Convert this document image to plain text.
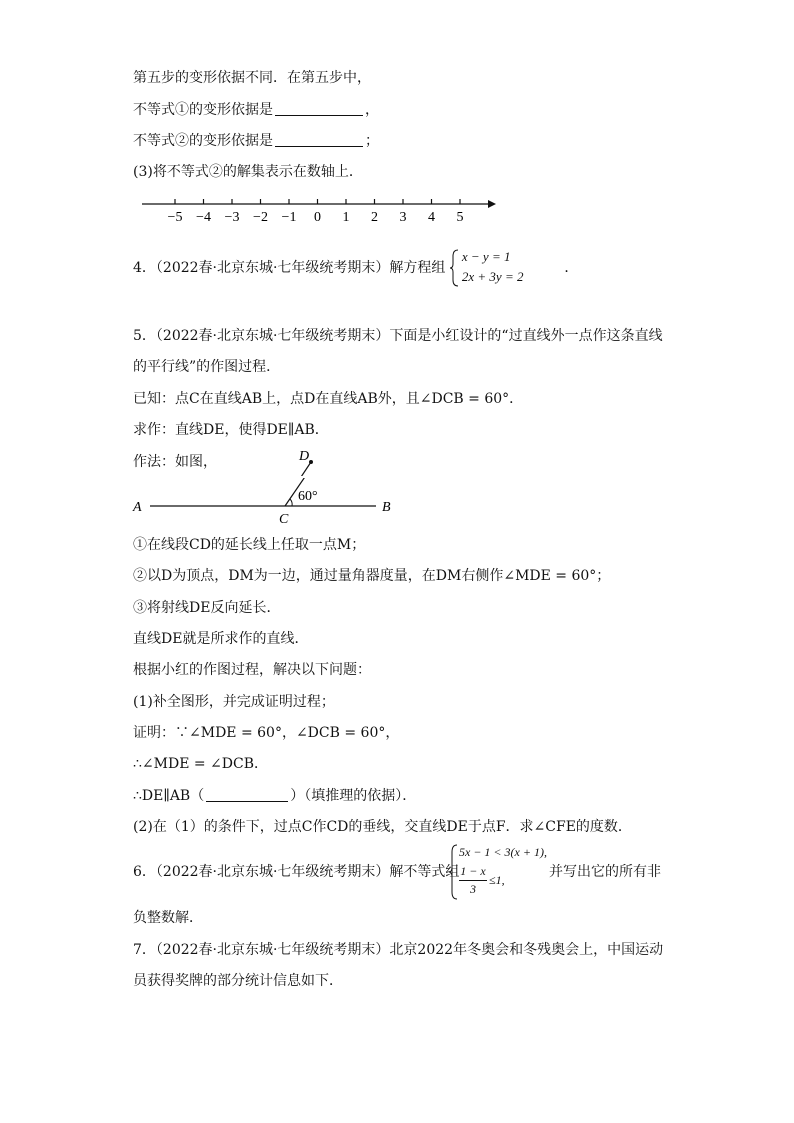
第五步的变形依据不同．在第五步中，
不等式①的变形依据是	，
不等式②的变形依据是	；
(3)将不等式②的解集表示在数轴上．
−5 −4 −3 −2 −1 0 1 2 3 4 5
4．（2022春·北京东城·七年级统考期末）解方程组
x − y = 1
2x + 3y = 2
．
5．（2022春·北京东城·七年级统考期末）下面是小红设计的“过直线外一点作这条直线
的平行线”的作图过程．
已知：点C在直线AB上，点D在直线AB外，且∠DCB = 60°．
求作：直线DE，使得DE∥AB．
作法：如图，
A	B
C
60°
D
①在线段CD的延长线上任取一点M；
②以D为顶点，DM为一边，通过量角器度量，在DM右侧作∠MDE = 60°；
③将射线DE反向延长．
直线DE就是所求作的直线．
根据小红的作图过程，解决以下问题：
(1)补全图形，并完成证明过程；
证明：∵∠MDE = 60°，∠DCB = 60°，
∴∠MDE = ∠DCB．
∴DE∥AB（	）（填推理的依据）．
(2)在（1）的条件下，过点C作CD的垂线，交直线DE于点F．求∠CFE的度数．
6．（2022春·北京东城·七年级统考期末）解不等式组
5x − 1 < 3(x + 1),
1 − x
3
≤1,	并写出它的所有非
负整数解．
7．（2022春·北京东城·七年级统考期末）北京2022年冬奥会和冬残奥会上，中国运动
员获得奖牌的部分统计信息如下．
